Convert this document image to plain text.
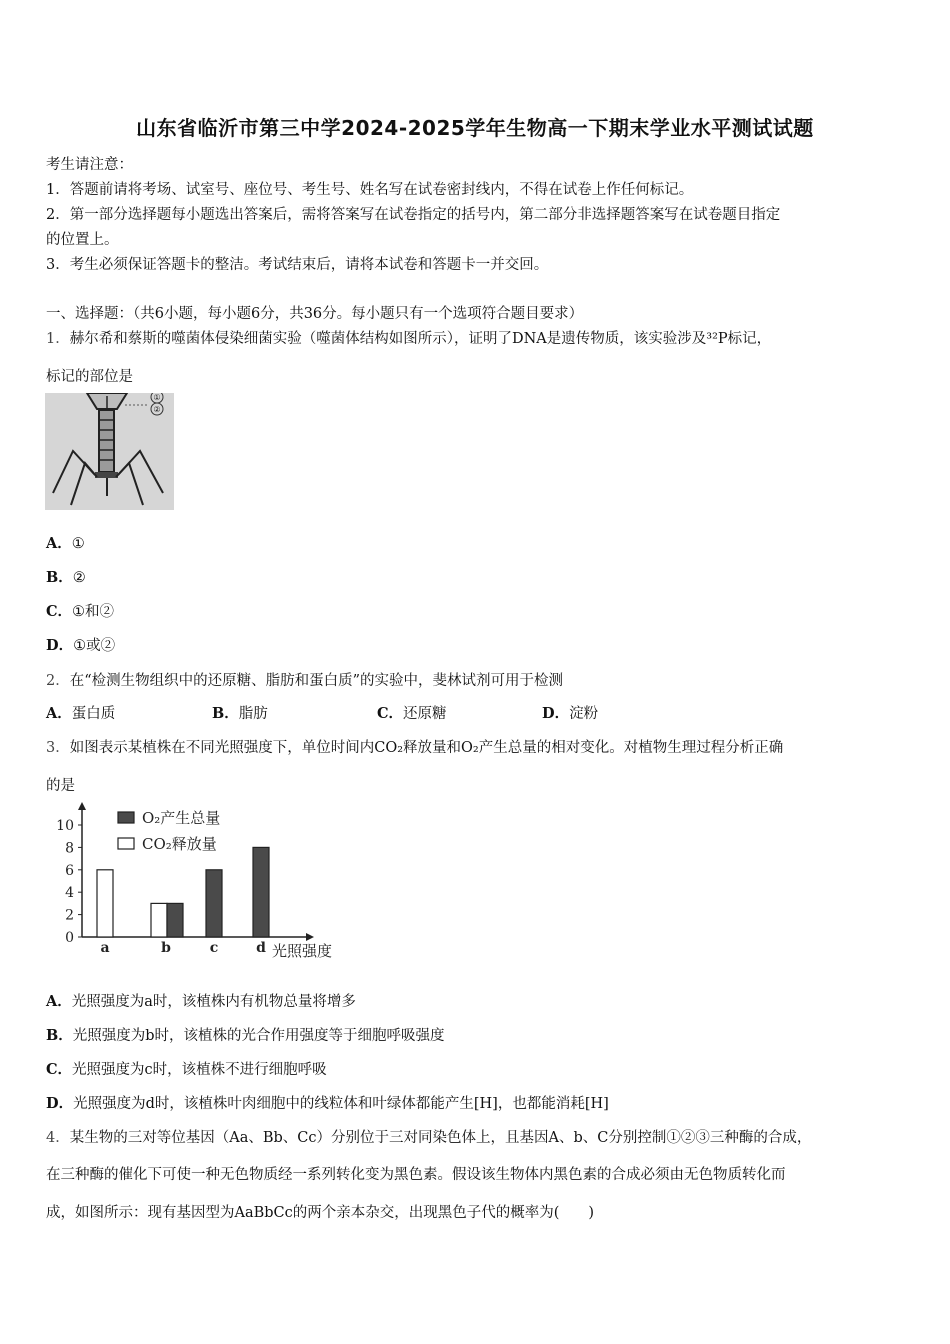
山东省临沂市第三中学2024-2025学年生物高一下期末学业水平测试试题
考生请注意：
1．答题前请将考场、试室号、座位号、考生号、姓名写在试卷密封线内，不得在试卷上作任何标记。
2．第一部分选择题每小题选出答案后，需将答案写在试卷指定的括号内，第二部分非选择题答案写在试卷题目指定
的位置上。
3．考生必须保证答题卡的整洁。考试结束后，请将本试卷和答题卡一并交回。
一、选择题：（共6小题，每小题6分，共36分。每小题只有一个选项符合题目要求）
1．赫尔希和蔡斯的噬菌体侵染细菌实验（噬菌体结构如图所示），证明了DNA是遗传物质，该实验涉及³²P标记，
标记的部位是
①
②
A．①
B．②
C．①和②
D．①或②
2．在“检测生物组织中的还原糖、脂肪和蛋白质”的实验中，斐林试剂可用于检测
A．蛋白质	B．脂肪	C．还原糖	D．淀粉
3．如图表示某植株在不同光照强度下，单位时间内CO₂释放量和O₂产生总量的相对变化。对植物生理过程分析正确
的是
0
2
4
6
8
10
a	b	c	d 光照强度
O₂产生总量
CO₂释放量
A．光照强度为a时，该植株内有机物总量将增多
B．光照强度为b时，该植株的光合作用强度等于细胞呼吸强度
C．光照强度为c时，该植株不进行细胞呼吸
D．光照强度为d时，该植株叶肉细胞中的线粒体和叶绿体都能产生[H]，也都能消耗[H]
4．某生物的三对等位基因（Aa、Bb、Cc）分别位于三对同染色体上，且基因A、b、C分别控制①②③三种酶的合成，
在三种酶的催化下可使一种无色物质经一系列转化变为黑色素。假设该生物体内黑色素的合成必须由无色物质转化而
成，如图所示：现有基因型为AaBbCc的两个亲本杂交，出现黑色子代的概率为(　　)
